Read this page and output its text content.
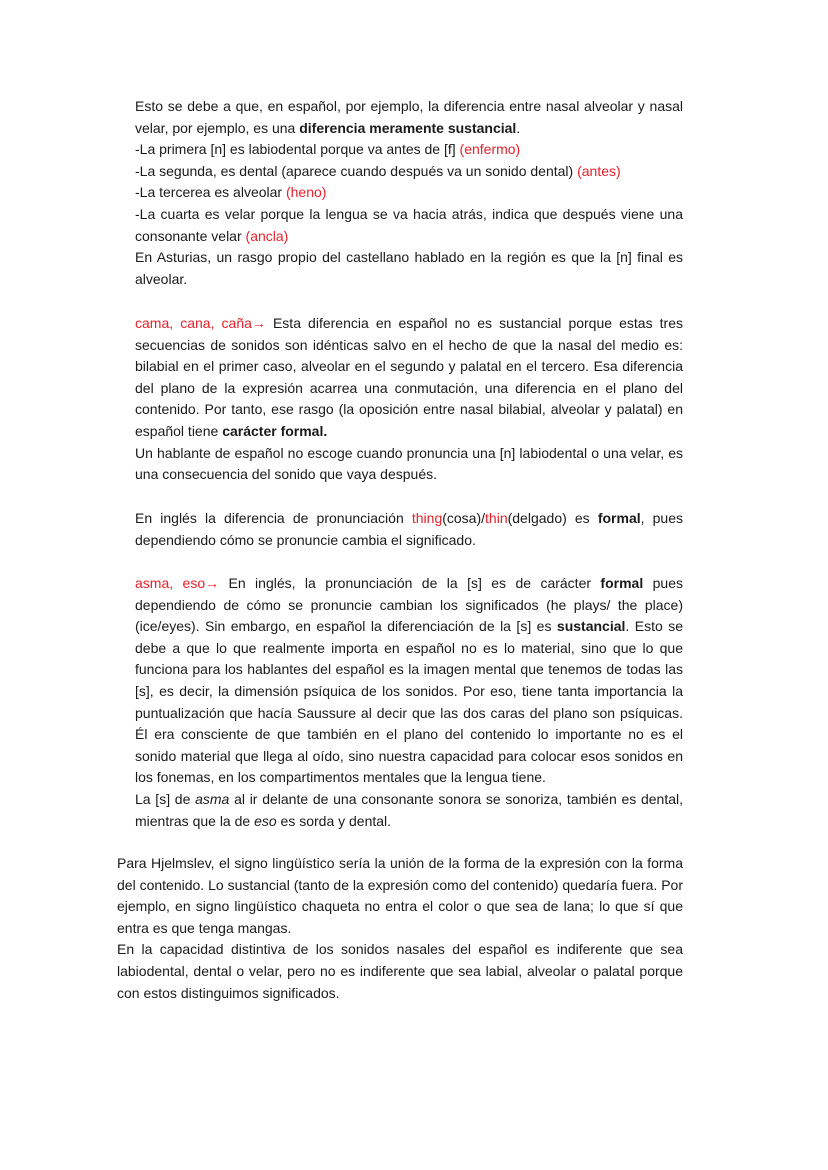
Esto se debe a que, en español, por ejemplo, la diferencia entre nasal alveolar y nasal velar, por ejemplo, es una diferencia meramente sustancial.

-La primera [n] es labiodental porque va antes de [f] (enfermo)

-La segunda, es dental (aparece cuando después va un sonido dental) (antes)

-La tercerea es alveolar (heno)

-La cuarta es velar porque la lengua se va hacia atrás, indica que después viene una consonante velar (ancla)

En Asturias, un rasgo propio del castellano hablado en la región es que la [n] final es alveolar.

cama, cana, caña→ Esta diferencia en español no es sustancial porque estas tres secuencias de sonidos son idénticas salvo en el hecho de que la nasal del medio es: bilabial en el primer caso, alveolar en el segundo y palatal en el tercero. Esa diferencia del plano de la expresión acarrea una conmutación, una diferencia en el plano del contenido. Por tanto, ese rasgo (la oposición entre nasal bilabial, alveolar y palatal) en español tiene carácter formal.

Un hablante de español no escoge cuando pronuncia una [n] labiodental o una velar, es una consecuencia del sonido que vaya después.

En inglés la diferencia de pronunciación thing(cosa)/thin(delgado) es formal, pues dependiendo cómo se pronuncie cambia el significado.

asma, eso→ En inglés, la pronunciación de la [s] es de carácter formal pues dependiendo de cómo se pronuncie cambian los significados (he plays/ the place) (ice/eyes). Sin embargo, en español la diferenciación de la [s] es sustancial. Esto se debe a que lo que realmente importa en español no es lo material, sino que lo que funciona para los hablantes del español es la imagen mental que tenemos de todas las [s], es decir, la dimensión psíquica de los sonidos. Por eso, tiene tanta importancia la puntualización que hacía Saussure al decir que las dos caras del plano son psíquicas. Él era consciente de que también en el plano del contenido lo importante no es el sonido material que llega al oído, sino nuestra capacidad para colocar esos sonidos en los fonemas, en los compartimentos mentales que la lengua tiene.

La [s] de asma al ir delante de una consonante sonora se sonoriza, también es dental, mientras que la de eso es sorda y dental.

Para Hjelmslev, el signo lingüístico sería la unión de la forma de la expresión con la forma del contenido. Lo sustancial (tanto de la expresión como del contenido) quedaría fuera. Por ejemplo, en signo lingüístico chaqueta no entra el color o que sea de lana; lo que sí que entra es que tenga mangas.

En la capacidad distintiva de los sonidos nasales del español es indiferente que sea labiodental, dental o velar, pero no es indiferente que sea labial, alveolar o palatal porque con estos distinguimos significados.
